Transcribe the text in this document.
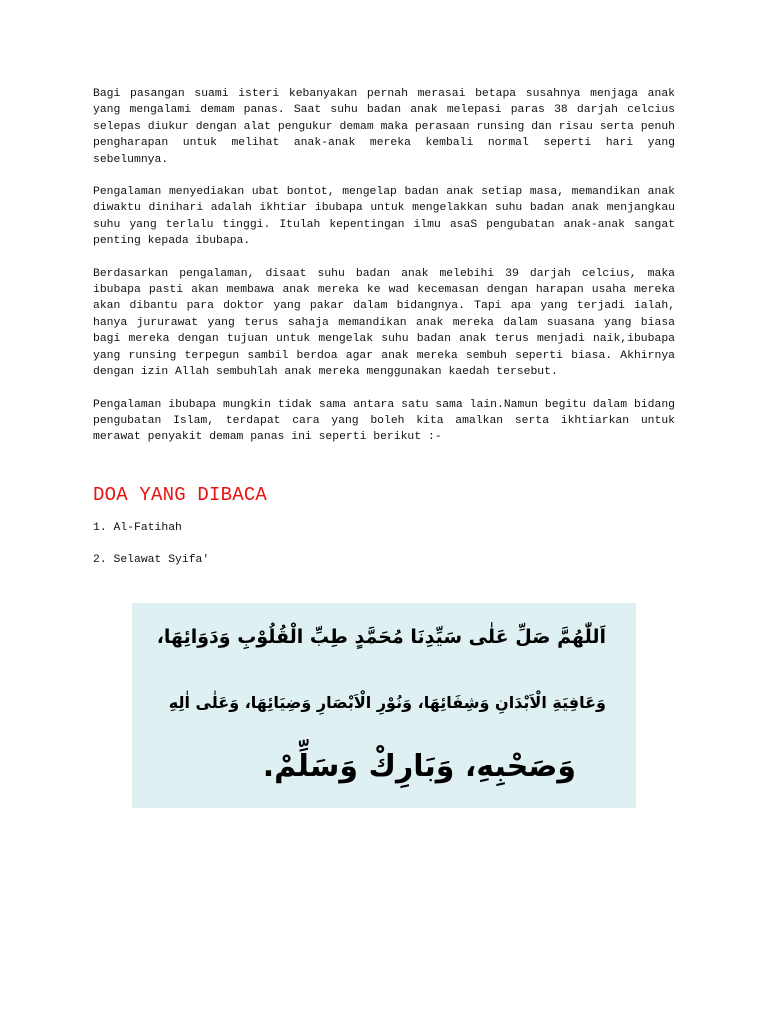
Bagi pasangan suami isteri kebanyakan pernah merasai betapa susahnya menjaga anak yang mengalami demam panas. Saat suhu badan anak melepasi paras 38 darjah celcius selepas diukur dengan alat pengukur demam maka perasaan runsing dan risau serta penuh pengharapan untuk melihat anak-anak mereka kembali normal seperti hari yang sebelumnya.

Pengalaman menyediakan ubat bontot, mengelap badan anak setiap masa, memandikan anak diwaktu dinihari adalah ikhtiar ibubapa untuk mengelakkan suhu badan anak menjangkau suhu yang terlalu tinggi. Itulah kepentingan ilmu asaS pengubatan anak-anak sangat penting kepada ibubapa.

Berdasarkan pengalaman, disaat suhu badan anak melebihi 39 darjah celcius, maka ibubapa pasti akan membawa anak mereka ke wad kecemasan dengan harapan usaha mereka akan dibantu para doktor yang pakar dalam bidangnya. Tapi apa yang terjadi ialah, hanya jururawat yang terus sahaja memandikan anak mereka dalam suasana yang biasa bagi mereka dengan tujuan untuk mengelak suhu badan anak terus menjadi naik,ibubapa yang runsing terpegun sambil berdoa agar anak mereka sembuh seperti biasa. Akhirnya dengan izin Allah sembuhlah anak mereka menggunakan kaedah tersebut.

Pengalaman ibubapa mungkin tidak sama antara satu sama lain.Namun begitu dalam bidang pengubatan Islam, terdapat cara yang boleh kita amalkan serta ikhtiarkan untuk merawat penyakit demam panas ini seperti berikut :-

DOA YANG DIBACA

1. Al-Fatihah

2. Selawat Syifa'

اَللّٰهُمَّ صَلِّ عَلٰى سَيِّدِنَا مُحَمَّدٍ طِبِّ الْقُلُوْبِ وَدَوَائِهَا،
وَعَافِيَةِ الْاَبْدَانِ وَشِفَائِهَا، وَنُوْرِ الْاَبْصَارِ وَضِيَائِهَا، وَعَلٰى اٰلِهِ
وَصَحْبِهِ، وَبَارِكْ وَسَلِّمْ.
